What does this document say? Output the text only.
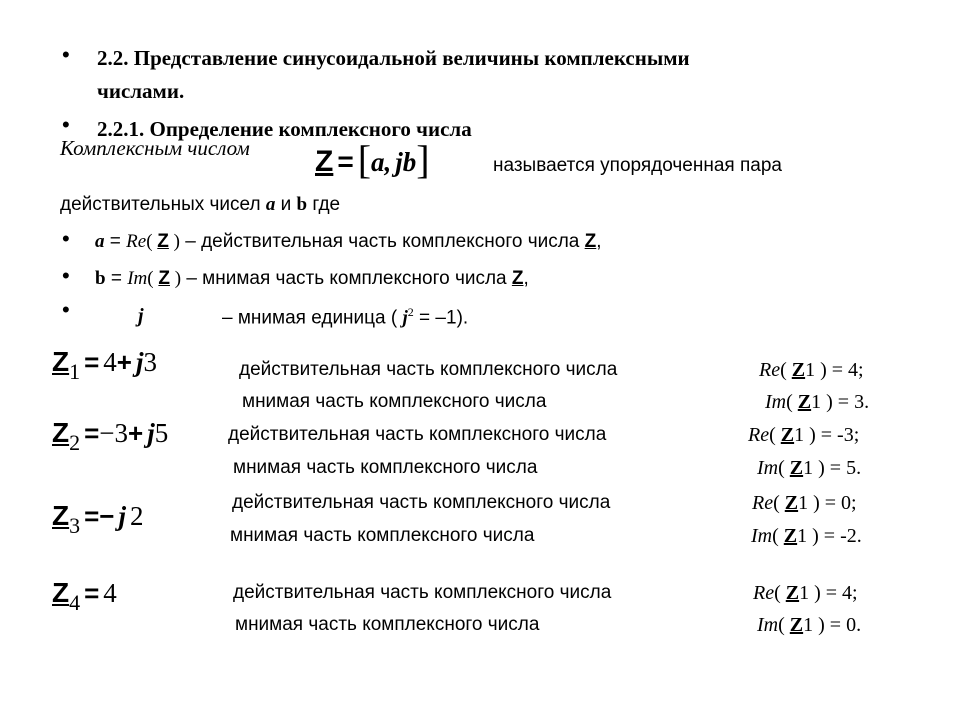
• 2.2. Представление синусоидальной величины комплексными
числами.
• 2.2.1. Определение комплексного числа
Комплексным числом Z = [a, jb]	называется упорядоченная пара
действительных чисел a и b где
• a = Re( Z ) – действительная часть комплексного числа Z,
• b = Im( Z ) – мнимая часть комплексного числа Z,
•	j	– мнимая единица ( $j^2 = -1$).
Z1 = 4+ j3	действительная часть комплексного числа	Re( Z1 ) = 4;
мнимая часть комплексного числа	Im( Z1 ) = 3.
Z2 =−3+ j5	действительная часть комплексного числа	Re( Z1 ) = -3;
мнимая часть комплексного числа	Im( Z1 ) = 5.
Z3 =− j 2	действительная часть комплексного числа	Re( Z1 ) = 0;
мнимая часть комплексного числа	Im( Z1 ) = -2.
Z4 = 4	действительная часть комплексного числа	Re( Z1 ) = 4;
мнимая часть комплексного числа	Im( Z1 ) = 0.
